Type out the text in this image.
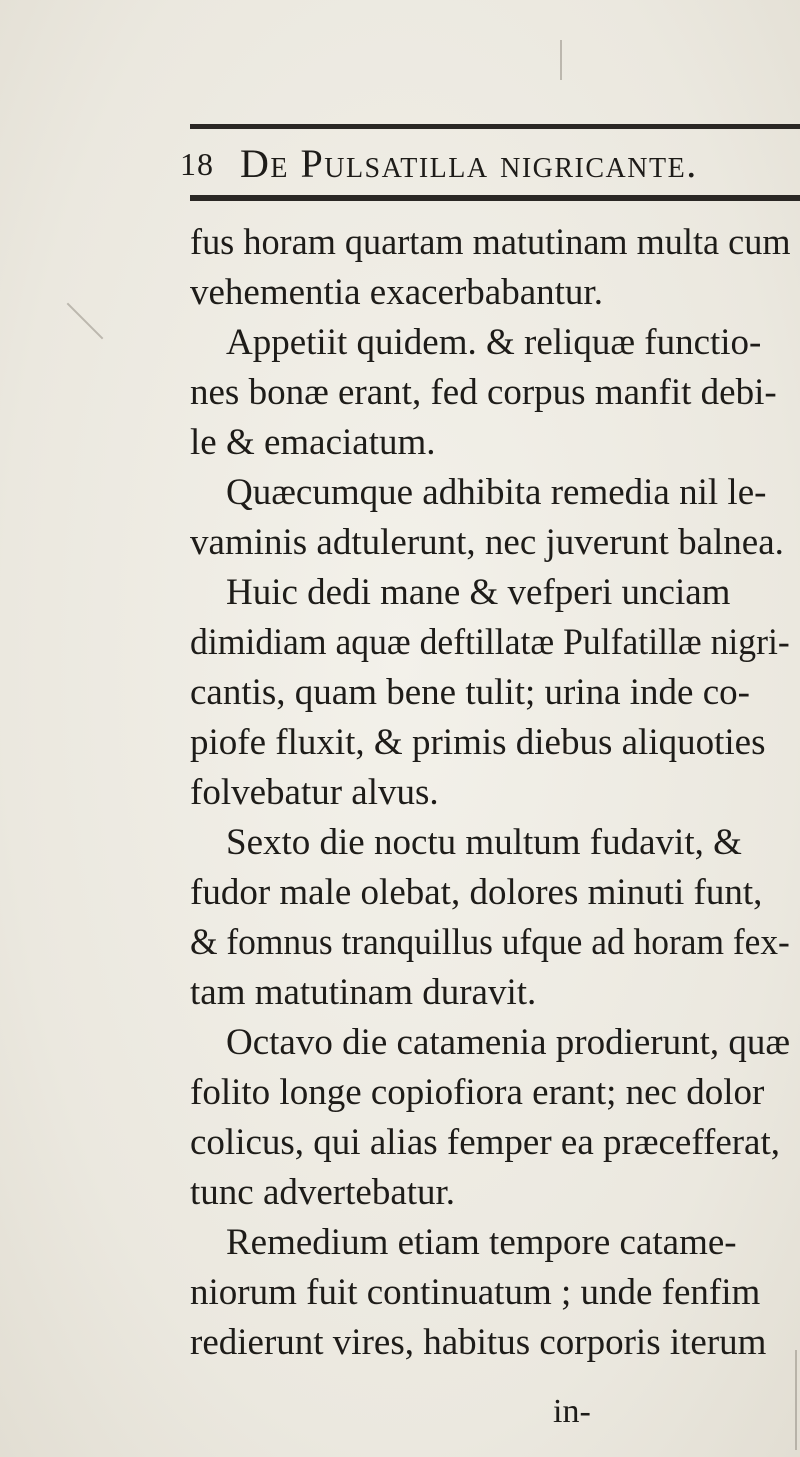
18 De Pulsatilla nigricante.
fus horam quartam matutinam multa cum
vehementia exacerbabantur.
Appetiit quidem. & reliquæ functio-
nes bonæ erant, fed corpus manfit debi-
le & emaciatum.
Quæcumque adhibita remedia nil le-
vaminis adtulerunt, nec juverunt balnea.
Huic dedi mane & vefperi unciam
dimidiam aquæ deftillatæ Pulfatillæ nigri-
cantis, quam bene tulit; urina inde co-
piofe fluxit, & primis diebus aliquoties
folvebatur alvus.
Sexto die noctu multum fudavit, &
fudor male olebat, dolores minuti funt,
& fomnus tranquillus ufque ad horam fex-
tam matutinam duravit.
Octavo die catamenia prodierunt, quæ
folito longe copiofiora erant; nec dolor
colicus, qui alias femper ea præcefferat,
tunc advertebatur.
Remedium etiam tempore catame-
niorum fuit continuatum ; unde fenfim
redierunt vires, habitus corporis iterum
in-
